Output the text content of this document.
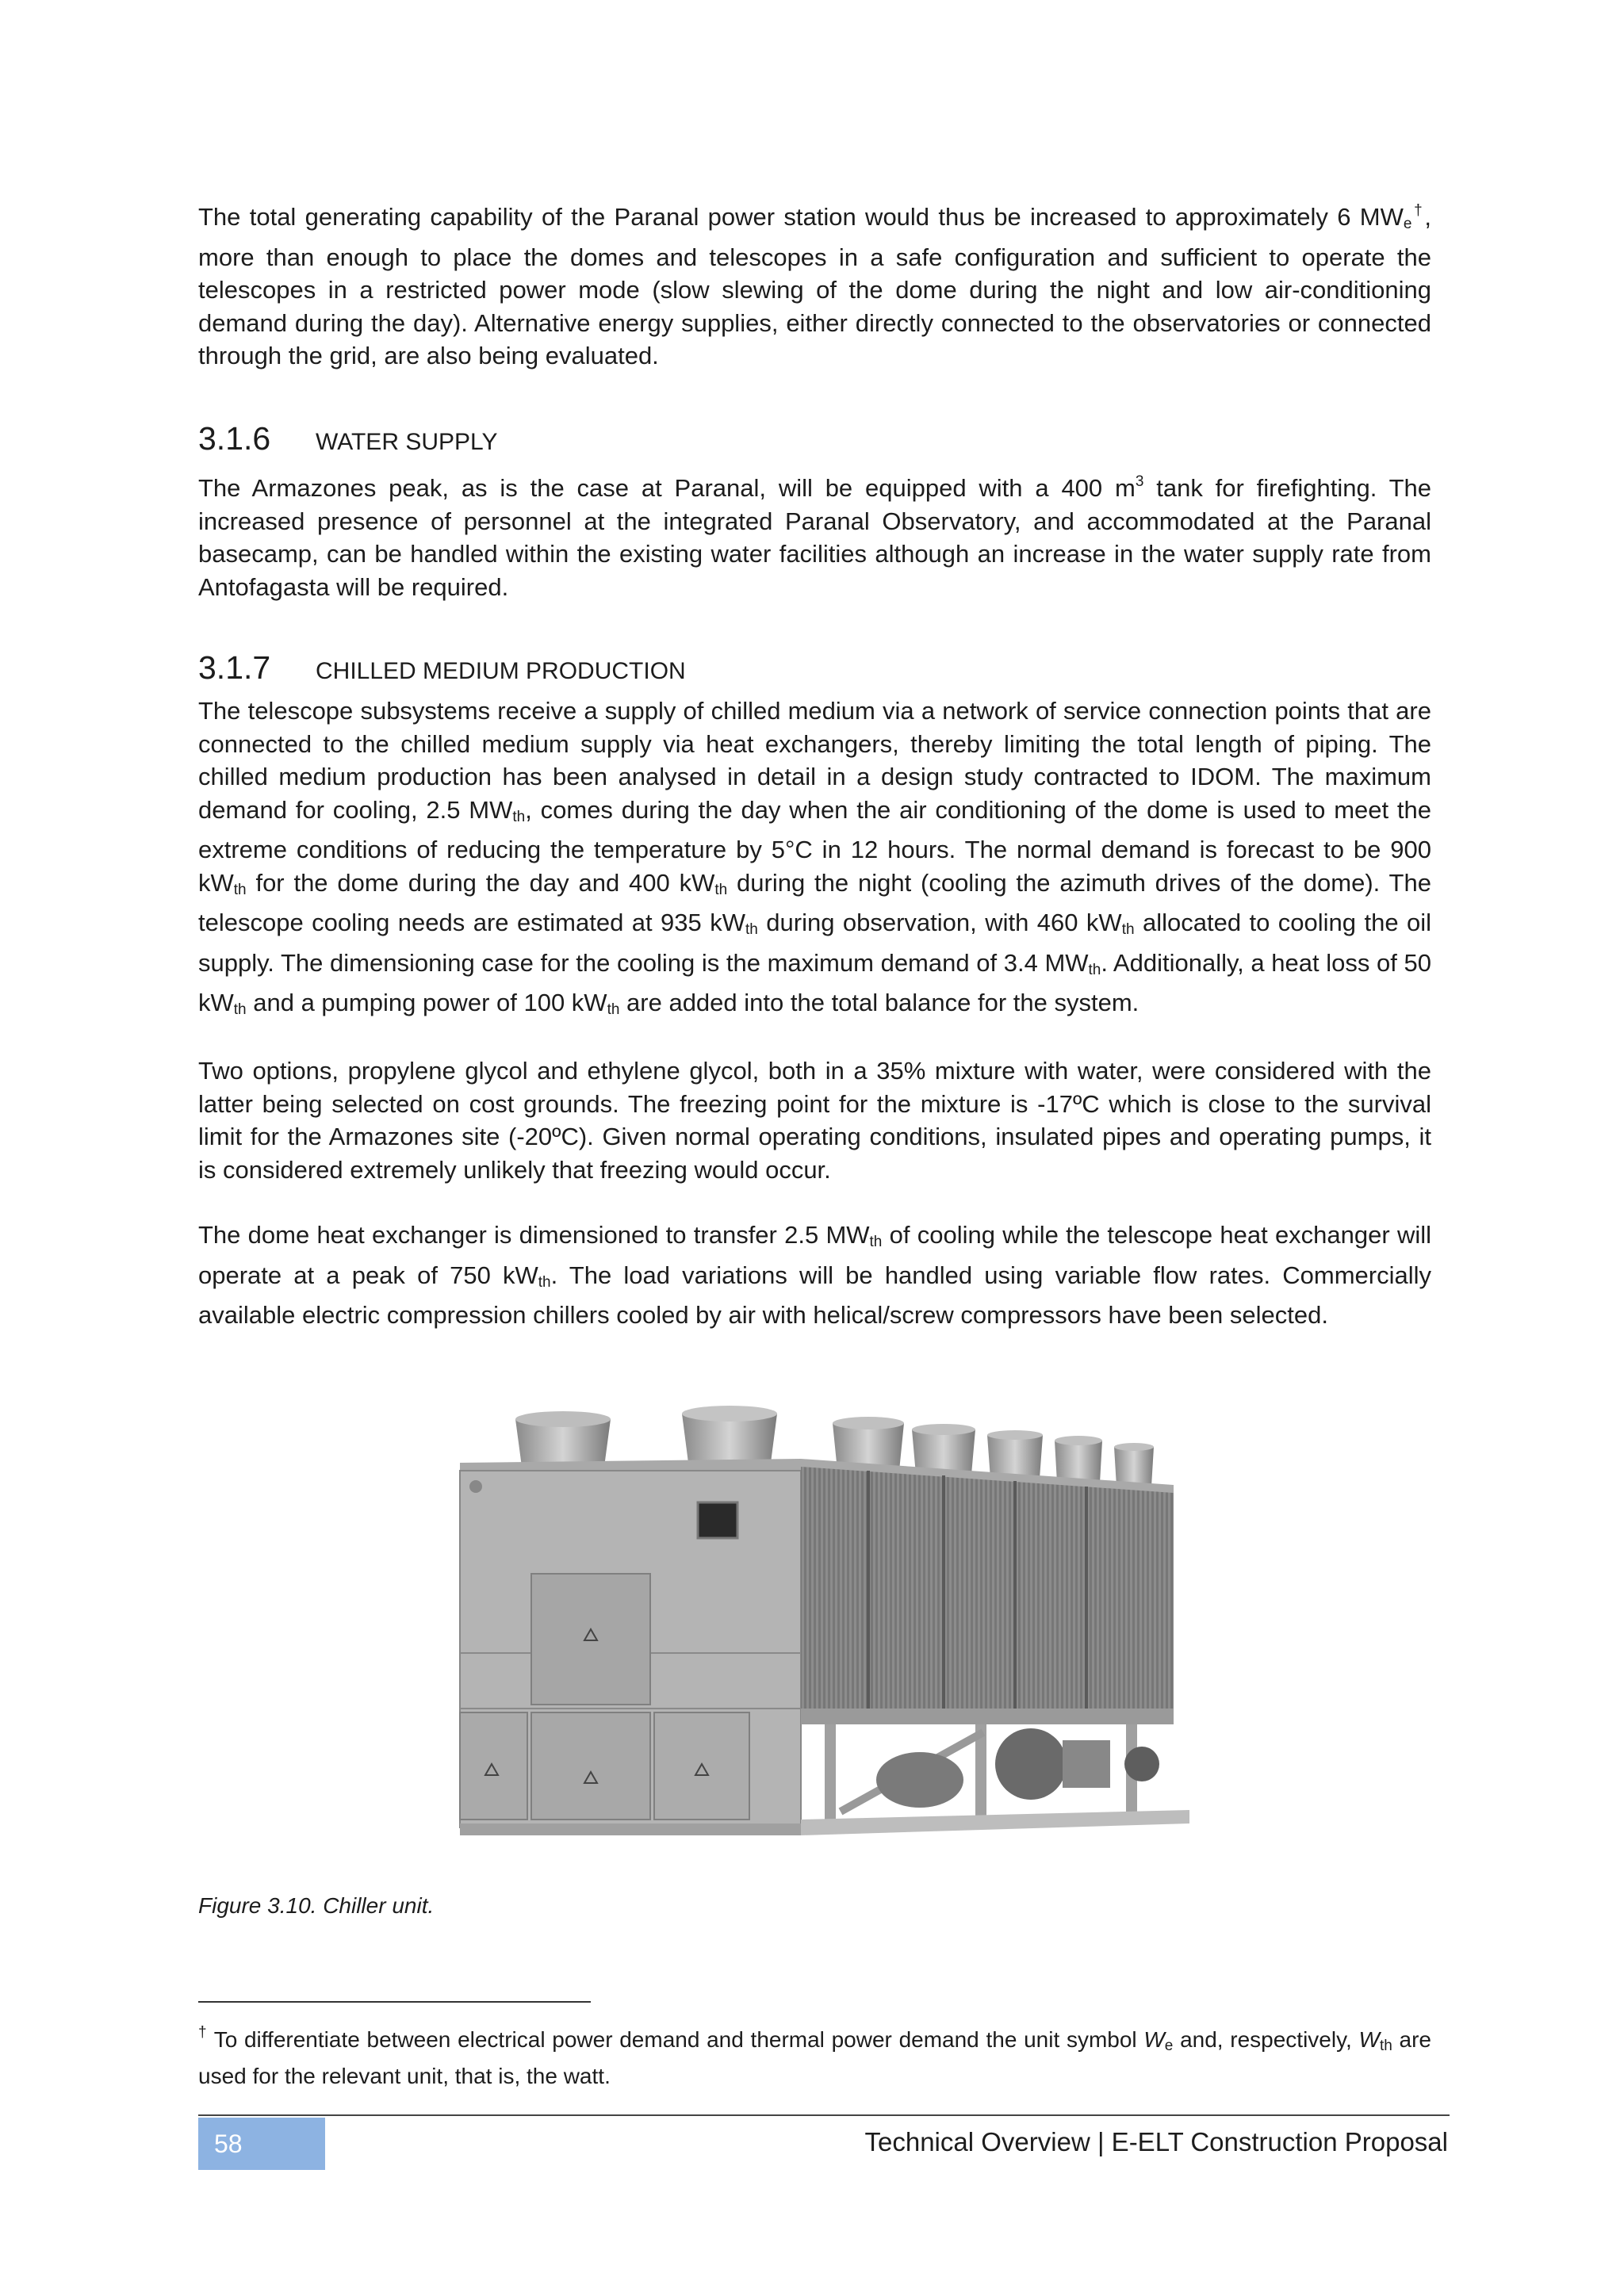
The total generating capability of the Paranal power station would thus be increased to approximately 6 $MW_e^\dagger$, more than enough to place the domes and telescopes in a safe configuration and sufficient to operate the telescopes in a restricted power mode (slow slewing of the dome during the night and low air-conditioning demand during the day). Alternative energy supplies, either directly connected to the observatories or connected through the grid, are also being evaluated.

3.1.6 WATER SUPPLY

The Armazones peak, as is the case at Paranal, will be equipped with a 400 $m^3$ tank for firefighting. The increased presence of personnel at the integrated Paranal Observatory, and accommodated at the Paranal basecamp, can be handled within the existing water facilities although an increase in the water supply rate from Antofagasta will be required.

3.1.7 CHILLED MEDIUM PRODUCTION

The telescope subsystems receive a supply of chilled medium via a network of service connection points that are connected to the chilled medium supply via heat exchangers, thereby limiting the total length of piping. The chilled medium production has been analysed in detail in a design study contracted to IDOM. The maximum demand for cooling, 2.5 $MW_{th}$, comes during the day when the air conditioning of the dome is used to meet the extreme conditions of reducing the temperature by 5°C in 12 hours. The normal demand is forecast to be 900 $kW_{th}$ for the dome during the day and 400 $kW_{th}$ during the night (cooling the azimuth drives of the dome). The telescope cooling needs are estimated at 935 $kW_{th}$ during observation, with 460 $kW_{th}$ allocated to cooling the oil supply. The dimensioning case for the cooling is the maximum demand of 3.4 $MW_{th}$. Additionally, a heat loss of 50 $kW_{th}$ and a pumping power of 100 $kW_{th}$ are added into the total balance for the system.

Two options, propylene glycol and ethylene glycol, both in a 35% mixture with water, were considered with the latter being selected on cost grounds. The freezing point for the mixture is -17ºC which is close to the survival limit for the Armazones site (-20ºC). Given normal operating conditions, insulated pipes and operating pumps, it is considered extremely unlikely that freezing would occur.

The dome heat exchanger is dimensioned to transfer 2.5 $MW_{th}$ of cooling while the telescope heat exchanger will operate at a peak of 750 $kW_{th}$. The load variations will be handled using variable flow rates. Commercially available electric compression chillers cooled by air with helical/screw compressors have been selected.

Figure 3.10. Chiller unit.

† To differentiate between electrical power demand and thermal power demand the unit symbol $W_e$ and, respectively, $W_{th}$ are used for the relevant unit, that is, the watt.

58	Technical Overview | E-ELT Construction Proposal
